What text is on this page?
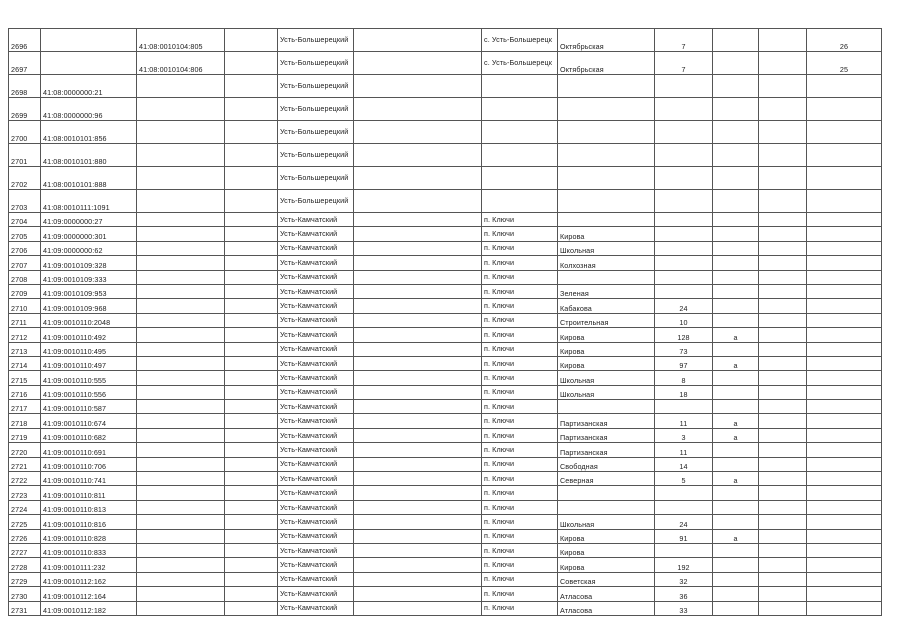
2696		41:08:0010104:805		Усть-Большерецкий		с. Усть-Большерецк	Октябрьская	7			26
2697		41:08:0010104:806		Усть-Большерецкий		с. Усть-Большерецк	Октябрьская	7			25
2698	41:08:0000000:21			Усть-Большерецкий							
2699	41:08:0000000:96			Усть-Большерецкий							
2700	41:08:0010101:856			Усть-Большерецкий							
2701	41:08:0010101:880			Усть-Большерецкий							
2702	41:08:0010101:888			Усть-Большерецкий							
2703	41:08:0010111:1091			Усть-Большерецкий							
2704	41:09:0000000:27			Усть-Камчатский		п. Ключи					
2705	41:09:0000000:301			Усть-Камчатский		п. Ключи	Кирова				
2706	41:09:0000000:62			Усть-Камчатский		п. Ключи	Школьная				
2707	41:09:0010109:328			Усть-Камчатский		п. Ключи	Колхозная				
2708	41:09:0010109:333			Усть-Камчатский		п. Ключи					
2709	41:09:0010109:953			Усть-Камчатский		п. Ключи	Зеленая				
2710	41:09:0010109:968			Усть-Камчатский		п. Ключи	Кабакова	24			
2711	41:09:0010110:2048			Усть-Камчатский		п. Ключи	Строительная	10			
2712	41:09:0010110:492			Усть-Камчатский		п. Ключи	Кирова	128	а		
2713	41:09:0010110:495			Усть-Камчатский		п. Ключи	Кирова	73			
2714	41:09:0010110:497			Усть-Камчатский		п. Ключи	Кирова	97	а		
2715	41:09:0010110:555			Усть-Камчатский		п. Ключи	Школьная	8			
2716	41:09:0010110:556			Усть-Камчатский		п. Ключи	Школьная	18			
2717	41:09:0010110:587			Усть-Камчатский		п. Ключи					
2718	41:09:0010110:674			Усть-Камчатский		п. Ключи	Партизанская	11	а		
2719	41:09:0010110:682			Усть-Камчатский		п. Ключи	Партизанская	3	а		
2720	41:09:0010110:691			Усть-Камчатский		п. Ключи	Партизанская	11			
2721	41:09:0010110:706			Усть-Камчатский		п. Ключи	Свободная	14			
2722	41:09:0010110:741			Усть-Камчатский		п. Ключи	Северная	5	а		
2723	41:09:0010110:811			Усть-Камчатский		п. Ключи					
2724	41:09:0010110:813			Усть-Камчатский		п. Ключи					
2725	41:09:0010110:816			Усть-Камчатский		п. Ключи	Школьная	24			
2726	41:09:0010110:828			Усть-Камчатский		п. Ключи	Кирова	91	а		
2727	41:09:0010110:833			Усть-Камчатский		п. Ключи	Кирова				
2728	41:09:0010111:232			Усть-Камчатский		п. Ключи	Кирова	192			
2729	41:09:0010112:162			Усть-Камчатский		п. Ключи	Советская	32			
2730	41:09:0010112:164			Усть-Камчатский		п. Ключи	Атласова	36			
2731	41:09:0010112:182			Усть-Камчатский		п. Ключи	Атласова	33			
